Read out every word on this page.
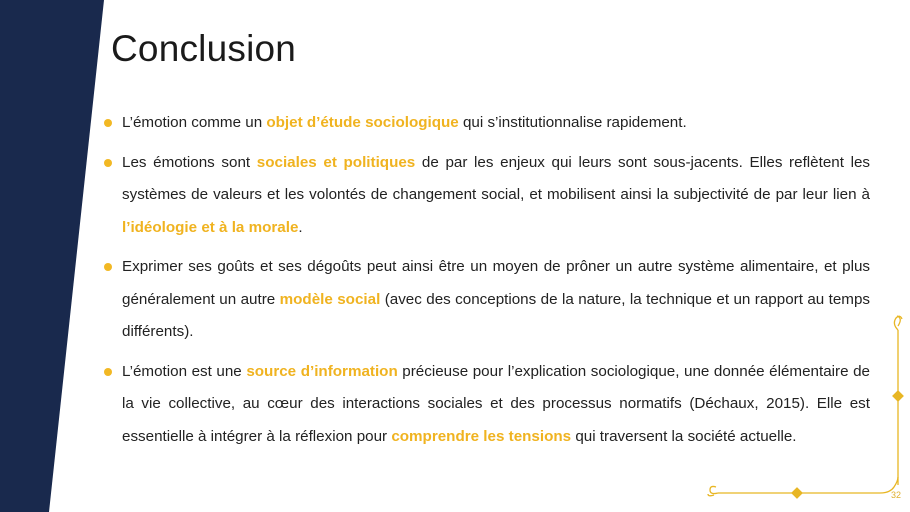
Conclusion
L’émotion comme un objet d’étude sociologique qui s’institutionnalise rapidement.
Les émotions sont sociales et politiques de par les enjeux qui leurs sont sous-jacents. Elles reflètent les systèmes de valeurs et les volontés de changement social, et mobilisent ainsi la subjectivité de par leur lien à l’idéologie et à la morale.
Exprimer ses goûts et ses dégoûts peut ainsi être un moyen de prôner un autre système alimentaire, et plus généralement un autre modèle social (avec des conceptions de la nature, la technique et un rapport au temps différents).
L’émotion est une source d’information précieuse pour l’explication sociologique, une donnée élémentaire de la vie collective, au cœur des interactions sociales et des processus normatifs (Déchaux, 2015). Elle est essentielle à intégrer à la réflexion pour comprendre les tensions qui traversent la société actuelle.
32
